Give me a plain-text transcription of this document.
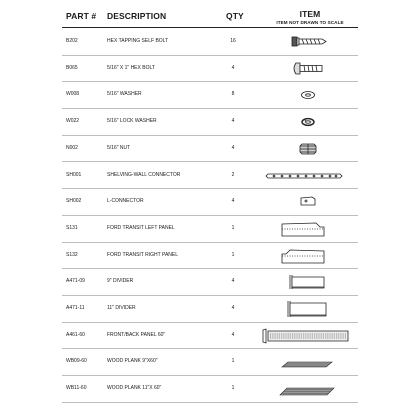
PART # DESCRIPTION	QTY	ITEM
ITEM NOT DRAWN TO SCALE
B202	HEX TAPPING SELF BOLT	16
B065	5/16" X 1" HEX BOLT	4
W008	5/16" WASHER	8
W022	5/16" LOCK WASHER	4
N002	5/16" NUT	4
SH001	SHELVING-WALL CONNECTOR	2
SH002	L-CONNECTOR	4
S131	FORD TRANSIT LEFT PANEL	1
S132	FORD TRANSIT RIGHT PANEL	1
A471-09	9" DIVIDER	4
A471-11	11" DIVIDER	4
A461-60	FRONT/BACK PANEL 60"	4
WB09-60	WOOD PLANK 9"X60"	1
WB11-60	WOOD PLANK 11"X 60"	1
